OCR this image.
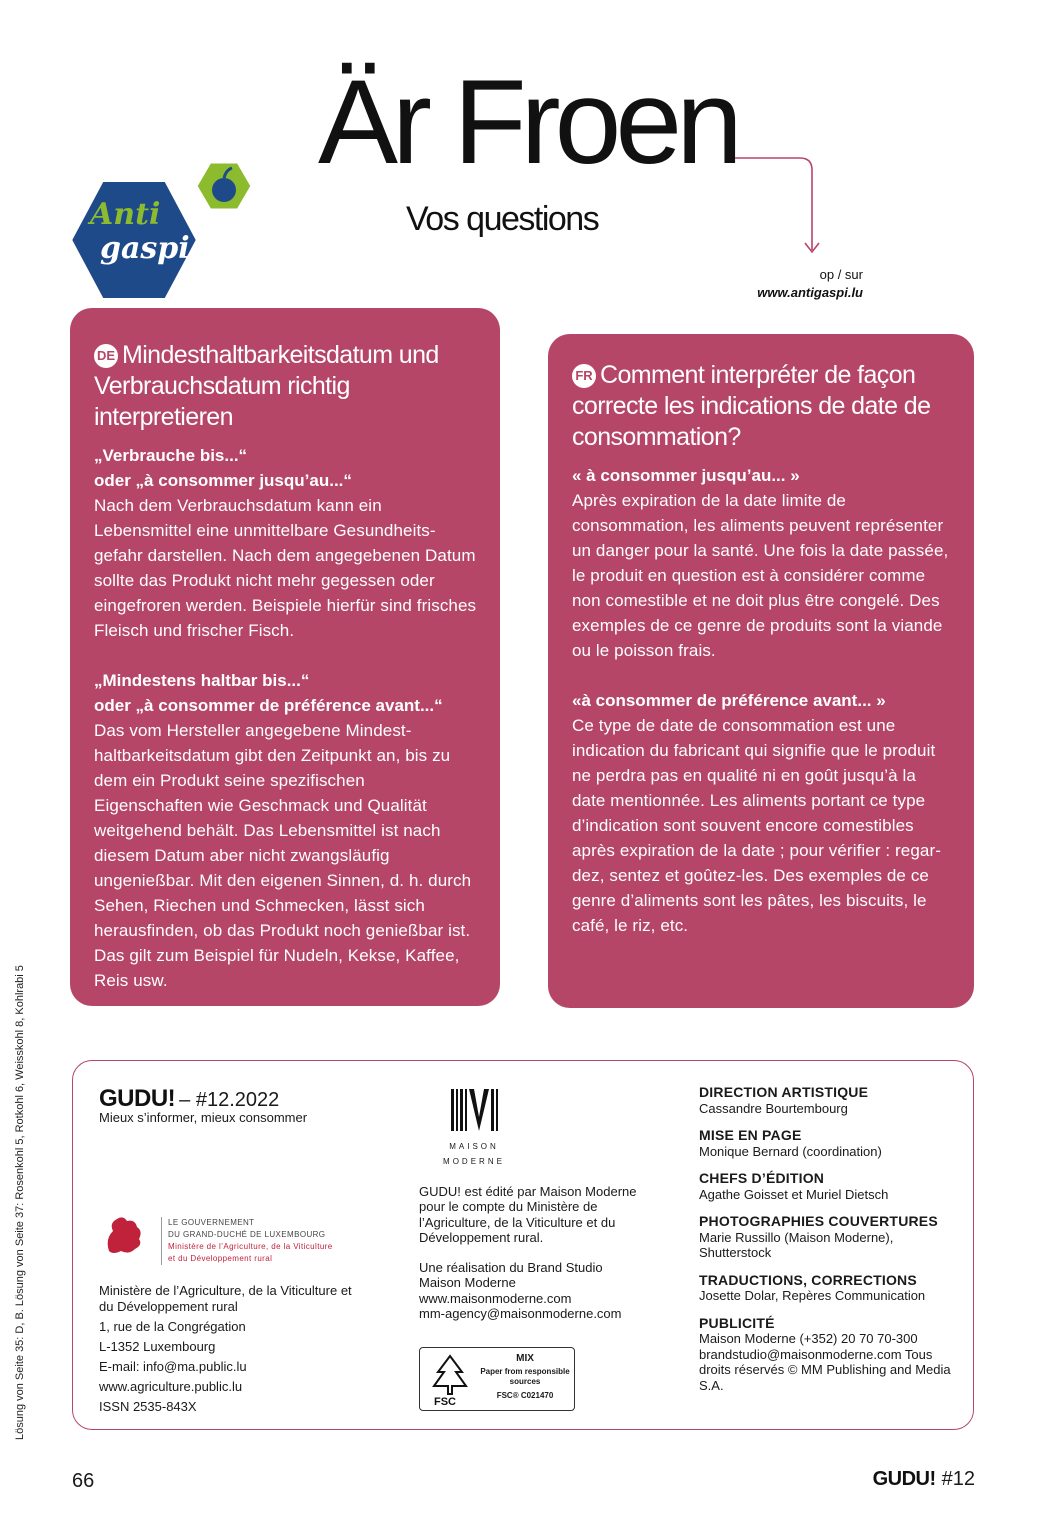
Är Froen
Vos questions
op / sur
www.antigaspi.lu
Anti
gaspi
DE Mindesthaltbarkeitsdatum und Verbrauchsdatum richtig interpretieren
„Verbrauche bis...“
oder „à consommer jusqu’au...“

Nach dem Verbrauchsdatum kann ein Lebensmittel eine unmittelbare Gesundheits-gefahr darstellen. Nach dem angegebenen Datum sollte das Produkt nicht mehr gegessen oder eingefroren werden. Beispiele hierfür sind frisches Fleisch und frischer Fisch.

„Mindestens haltbar bis...“
oder „à consommer de préférence avant...“

Das vom Hersteller angegebene Mindest-haltbarkeitsdatum gibt den Zeitpunkt an, bis zu dem ein Produkt seine spezifischen Eigenschaften wie Geschmack und Qualität weitgehend behält. Das Lebensmittel ist nach diesem Datum aber nicht zwangsläufig ungenießbar. Mit den eigenen Sinnen, d. h. durch Sehen, Riechen und Schmecken, lässt sich herausfinden, ob das Produkt noch genießbar ist. Das gilt zum Beispiel für Nudeln, Kekse, Kaffee, Reis usw.

FR Comment interpréter de façon correcte les indications de date de consommation?
« à consommer jusqu’au... »

Après expiration de la date limite de consommation, les aliments peuvent représenter un danger pour la santé. Une fois la date passée, le produit en question est à considérer comme non comestible et ne doit plus être congelé. Des exemples de ce genre de produits sont la viande ou le poisson frais.

«à consommer de préférence avant... »

Ce type de date de consommation est une indication du fabricant qui signifie que le produit ne perdra pas en qualité ni en goût jusqu’à la date mentionnée. Les aliments portant ce type d’indication sont souvent encore comestibles après expiration de la date ; pour vérifier : regar-dez, sentez et goûtez-les. Des exemples de ce genre d’aliments sont les pâtes, les biscuits, le café, le riz, etc.

Lösung von Seite 35: D, B. Lösung von Seite 37: Rosenkohl 5, Rotkohl 6, Weisskohl 8, Kohlrabi 5	GUDU! – #12.2022
Mieux s’informer, mieux consommer
LE GOUVERNEMENT
DU GRAND-DUCHÉ DE LUXEMBOURG
Ministère de l’Agriculture, de la Viticulture
et du Développement rural
Ministère de l’Agriculture, de la Viticulture et du Développement rural
1, rue de la Congrégation
L-1352 Luxembourg
E-mail: info@ma.public.lu
www.agriculture.public.lu
ISSN 2535-843X
MAISON MODERNE
GUDU! est édité par Maison Moderne pour le compte du Ministère de l’Agriculture, de la Viticulture et du Développement rural.
Une réalisation du Brand Studio
Maison Moderne
www.maisonmoderne.com
mm-agency@maisonmoderne.com
FSC
MIX
Paper from responsible sources
FSC® C021470
DIRECTION ARTISTIQUE
Cassandre Bourtembourg
MISE EN PAGE
Monique Bernard (coordination)
CHEFS D’ÉDITION
Agathe Goisset et Muriel Dietsch
PHOTOGRAPHIES COUVERTURES
Marie Russillo (Maison Moderne), Shutterstock
TRADUCTIONS, CORRECTIONS
Josette Dolar, Repères Communication
PUBLICITÉ
Maison Moderne (+352) 20 70 70-300 brandstudio@maisonmoderne.com Tous droits réservés © MM Publishing and Media S.A.
66	GUDU! #12
